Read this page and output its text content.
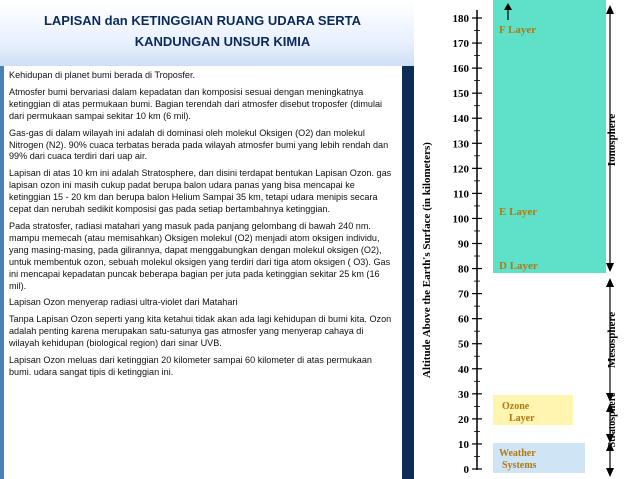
LAPISAN dan KETINGGIAN RUANG UDARA SERTA
KANDUNGAN UNSUR KIMIA

Kehidupan di planet bumi berada di Troposfer.

Atmosfer bumi bervariasi dalam kepadatan dan komposisi sesuai dengan meningkatnya ketinggian di atas permukaan bumi. Bagian terendah dari atmosfer disebut troposfer (dimulai dari permukaan sampai sekitar 10 km (6 mil).

Gas-gas di dalam wilayah ini adalah di dominasi oleh molekul Oksigen (O2) dan molekul Nitrogen (N2). 90% cuaca terbatas berada pada wilayah atmosfer bumi yang lebih rendah dan 99% dari cuaca terdiri dari uap air.

Lapisan di atas 10 km ini adalah Stratosphere, dan disini terdapat bentukan Lapisan Ozon. gas lapisan ozon ini masih cukup padat berupa balon udara panas yang bisa mencapai ke ketinggian 15 - 20 km dan berupa balon Helium Sampai 35 km, tetapi udara menipis secara cepat dan nerubah sedikit komposisi gas pada setiap bertambahnya ketinggian.

Pada stratosfer, radiasi matahari yang masuk pada panjang gelombang di bawah 240 nm. mampu memecah (atau memisahkan) Oksigen molekul (O2) menjadi atom oksigen individu, yang masing-masing, pada gilirannya, dapat menggabungkan dengan molekul oksigen (O2), untuk membentuk ozon, sebuah molekul oksigen yang terdiri dari tiga atom oksigen ( O3). Gas ini mencapai kepadatan puncak beberapa bagian per juta pada ketinggian sekitar 25 km (16 mil).

Lapisan Ozon menyerap radiasi ultra-violet dari Matahari

Tanpa Lapisan Ozon seperti yang kita ketahui tidak akan ada lagi kehidupan di bumi kita. Ozon adalah penting karena merupakan satu-satunya gas atmosfer yang menyerap cahaya di wilayah kehidupan (biological region) dari sinar UVB.

Lapisan Ozon meluas dari ketinggian 20 kilometer sampai 60 kilometer di atas permukaan bumi. udara sangat tipis di ketinggian ini.

180
170
160
150
140
130
120
110
100
90
80
70
60
50
40
30
20
10
0
Altitude Above the Earth's Surface (in kilometers)
F Layer
E Layer
D Layer
Ozone
Layer
Weather
Systems
Ionosphere
Mesosphere
Stratosphere
